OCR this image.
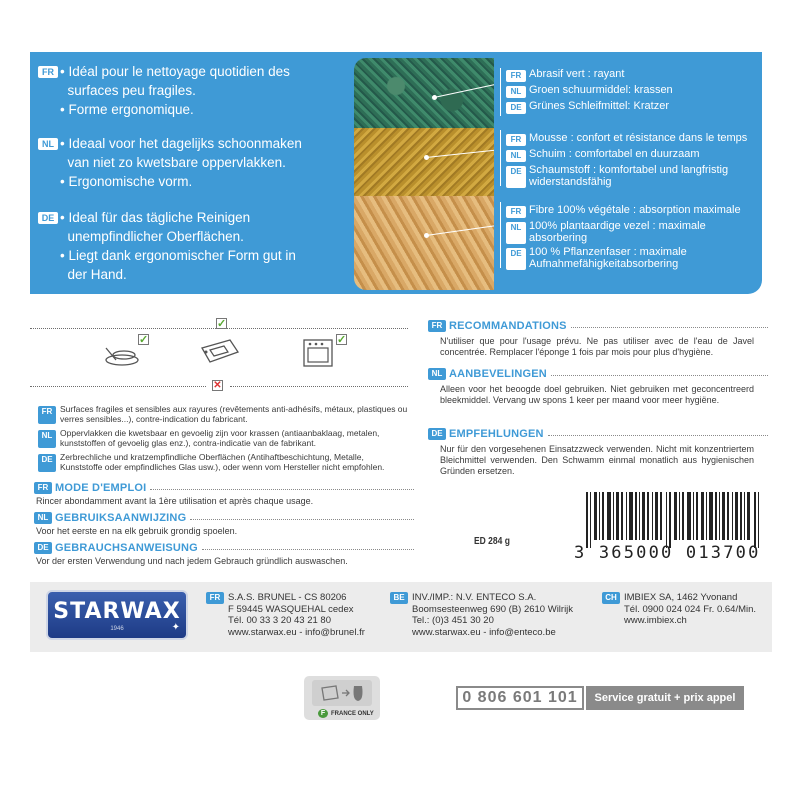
FR • Idéal pour le nettoyage quotidien des
surfaces peu fragiles.
• Forme ergonomique.
NL • Ideaal voor het dagelijks schoonmaken
van niet zo kwetsbare oppervlakken.
• Ergonomische vorm.
DE • Ideal für das tägliche Reinigen
unempfindlicher Oberflächen.
• Liegt dank ergonomischer Form gut in
der Hand.
FR Abrasif vert : rayant
NL Groen schuurmiddel: krassen
DE Grünes Schleifmittel: Kratzer
FR Mousse : confort et résistance dans le temps
NL Schuim : comfortabel en duurzaam
DE Schaumstoff : komfortabel und langfristig widerstandsfähig
FR Fibre 100% végétale : absorption maximale
NL 100% plantaardige vezel : maximale absorbering
DE 100 % Pflanzenfaser : maximale Aufnahmefähigkeitabsorbering
✓
✓
✓
✕
FR Surfaces fragiles et sensibles aux rayures (revêtements anti-adhésifs, métaux, plastiques ou verres sensibles...), contre-indication du fabricant.
NL Oppervlakken die kwetsbaar en gevoelig zijn voor krassen (antiaanbaklaag, metalen, kunststoffen of gevoelig glas enz.), contra-indicatie van de fabrikant.
DE Zerbrechliche und kratzempfindliche Oberflächen (Antihaftbeschichtung, Metalle, Kunststoffe oder empfindliches Glas usw.), oder wenn vom Hersteller nicht empfohlen.
FR MODE D'EMPLOI
Rincer abondamment avant la 1ère utilisation et après chaque usage.
NL GEBRUIKSAANWIJZING
Voor het eerste en na elk gebruik grondig spoelen.
DE GEBRAUCHSANWEISUNG
Vor der ersten Verwendung und nach jedem Gebrauch gründlich auswaschen.
FR RECOMMANDATIONS
N'utiliser que pour l'usage prévu. Ne pas utiliser avec de l'eau de Javel concentrée. Remplacer l'éponge 1 fois par mois pour plus d'hygiène.
NL AANBEVELINGEN
Alleen voor het beoogde doel gebruiken. Niet gebruiken met geconcentreerd bleekmiddel. Vervang uw spons 1 keer per maand voor meer hygiëne.
DE EMPFEHLUNGEN
Nur für den vorgesehenen Einsatzzweck verwenden. Nicht mit konzentriertem Bleichmittel verwenden. Den Schwamm einmal monatlich aus hygienischen Gründen ersetzen.
ED 284 g
3 365000 013700
STARWAX
1946	✦
FR S.A.S. BRUNEL - CS 80206
F 59445 WASQUEHAL cedex
Tél. 00 33 3 20 43 21 80
www.starwax.eu - info@brunel.fr
BE INV./IMP.: N.V. ENTECO S.A.
Boomsesteenweg 690 (B) 2610 Wilrijk
Tel.: (0)3 451 30 20
www.starwax.eu - info@enteco.be
CH IMBIEX SA, 1462 Yvonand
Tél. 0900 024 024 Fr. 0.64/Min.
www.imbiex.ch
F FRANCE ONLY
0 806 601 101	Service gratuit + prix appel
